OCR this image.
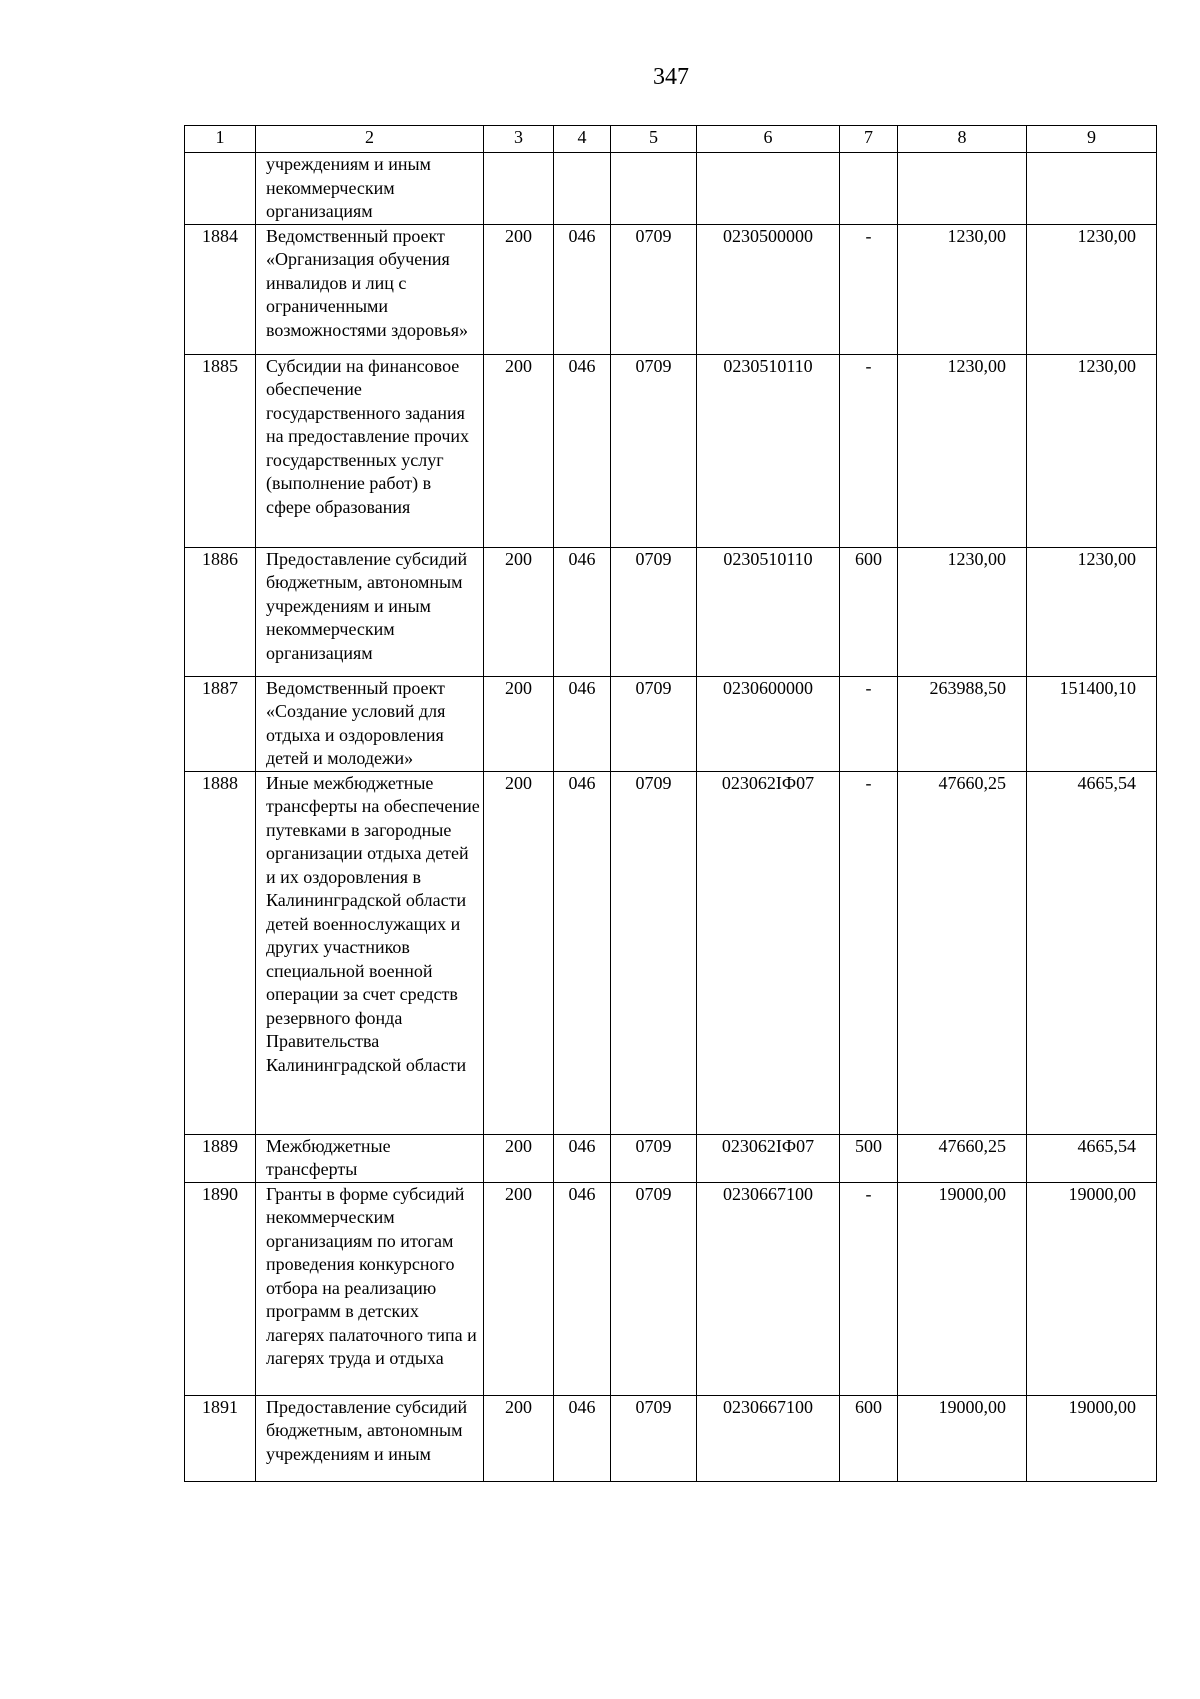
347
1	2	3	4	5	6	7	8	9
	учреждениям и иным некоммерческим организациям							
1884	Ведомственный проект «Организация обучения инвалидов и лиц с ограниченными возможностями здоровья»	200	046	0709	0230500000	-	1230,00	1230,00
1885	Субсидии на финансовое обеспечение государственного задания на предоставление прочих государственных услуг (выполнение работ) в сфере образования	200	046	0709	0230510110	-	1230,00	1230,00
1886	Предоставление субсидий бюджетным, автономным учреждениям и иным некоммерческим организациям	200	046	0709	0230510110	600	1230,00	1230,00
1887	Ведомственный проект «Создание условий для отдыха и оздоровления детей и молодежи»	200	046	0709	0230600000	-	263988,50	151400,10
1888	Иные межбюджетные трансферты на обеспечение путевками в загородные организации отдыха детей и их оздоровления в Калининградской области детей военнослужащих и других участников специальной военной операции за счет средств резервного фонда Правительства Калининградской области	200	046	0709	023062IФ07	-	47660,25	4665,54
1889	Межбюджетные трансферты	200	046	0709	023062IФ07	500	47660,25	4665,54
1890	Гранты в форме субсидий некоммерческим организациям по итогам проведения конкурсного отбора на реализацию программ в детских лагерях палаточного типа и лагерях труда и отдыха	200	046	0709	0230667100	-	19000,00	19000,00
1891	Предоставление субсидий бюджетным, автономным учреждениям и иным	200	046	0709	0230667100	600	19000,00	19000,00
